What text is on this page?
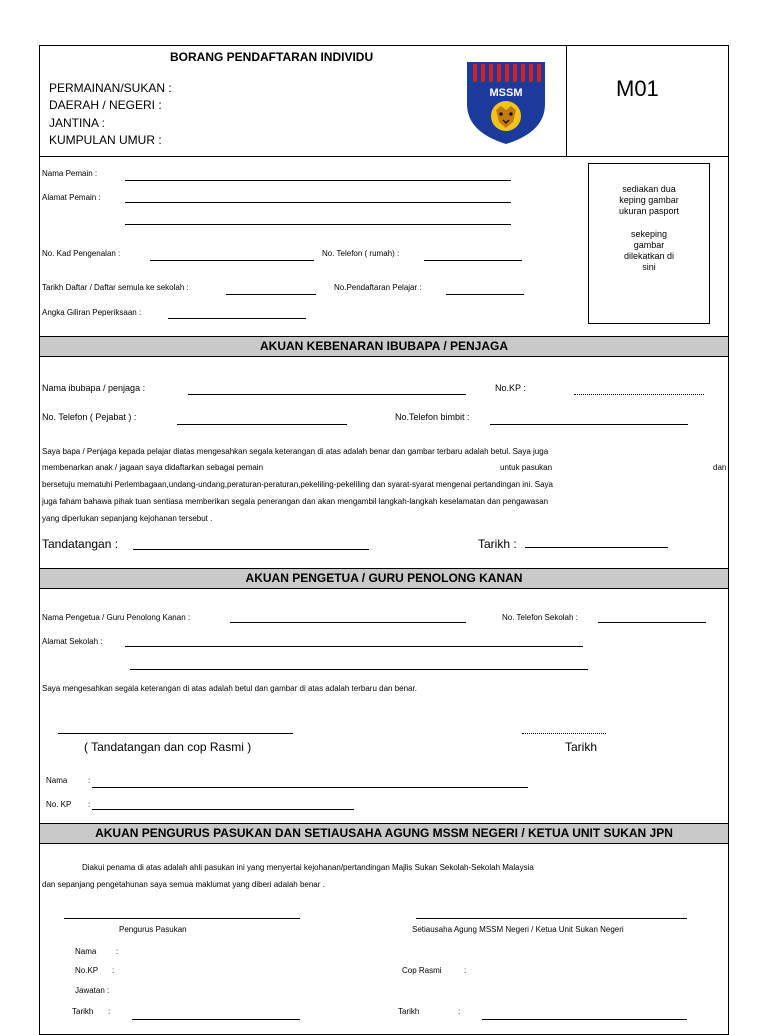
BORANG PENDAFTARAN INDIVIDU
PERMAINAN/SUKAN :
DAERAH / NEGERI :
JANTINA :
KUMPULAN UMUR :
MSSM	M01
Nama Pemain :
Alamat Pemain :
No. Kad Pengenalan :	No. Telefon ( rumah) :
Tarikh Daftar / Daftar semula ke sekolah :	No.Pendaftaran Pelajar :
Angka Giliran Peperiksaan :
sediakan dua
keping gambar
ukuran pasport
sekeping
gambar
dilekatkan di
sini
AKUAN KEBENARAN IBUBAPA / PENJAGA
Nama ibubapa / penjaga :	No.KP :
No. Telefon ( Pejabat ) :	No.Telefon bimbit :
Saya bapa / Penjaga kepada pelajar diatas mengesahkan segala keterangan di atas adalah benar dan gambar terbaru adalah betul. Saya juga
membenarkan anak / jagaan saya didaftarkan sebagai pemain	untuk pasukan	dan
bersetuju mematuhi Perlembagaan,undang-undang,peraturan-peraturan,pekeliling-pekeliling dan syarat-syarat mengenai pertandingan ini. Saya
juga faham bahawa pihak tuan sentiasa memberikan segala penerangan dan akan mengambil langkah-langkah keselamatan dan pengawasan
yang diperlukan sepanjang kejohanan tersebut .
Tandatangan :	Tarikh :
AKUAN PENGETUA / GURU PENOLONG KANAN
Nama Pengetua / Guru Penolong Kanan :	No. Telefon Sekolah :
Alamat Sekolah :
Saya mengesahkan segala keterangan di atas adalah betul dan gambar di atas adalah terbaru dan benar.
( Tandatangan dan cop Rasmi )	Tarikh
Nama	:
No. KP :
AKUAN PENGURUS PASUKAN DAN SETIAUSAHA AGUNG MSSM NEGERI / KETUA UNIT SUKAN JPN
Diakui penama di atas adalah ahli pasukan ini yang menyertai kejohanan/pertandingan Majlis Sukan Sekolah-Sekolah Malaysia
dan sepanjang pengetahunan saya semua maklumat yang diberi adalah benar .
Pengurus Pasukan	Setiausaha Agung MSSM Negeri / Ketua Unit Sukan Negeri
Nama :
No.KP :	Cop Rasmi	:
Jawatan :
Tarikh :	Tarikh	:
